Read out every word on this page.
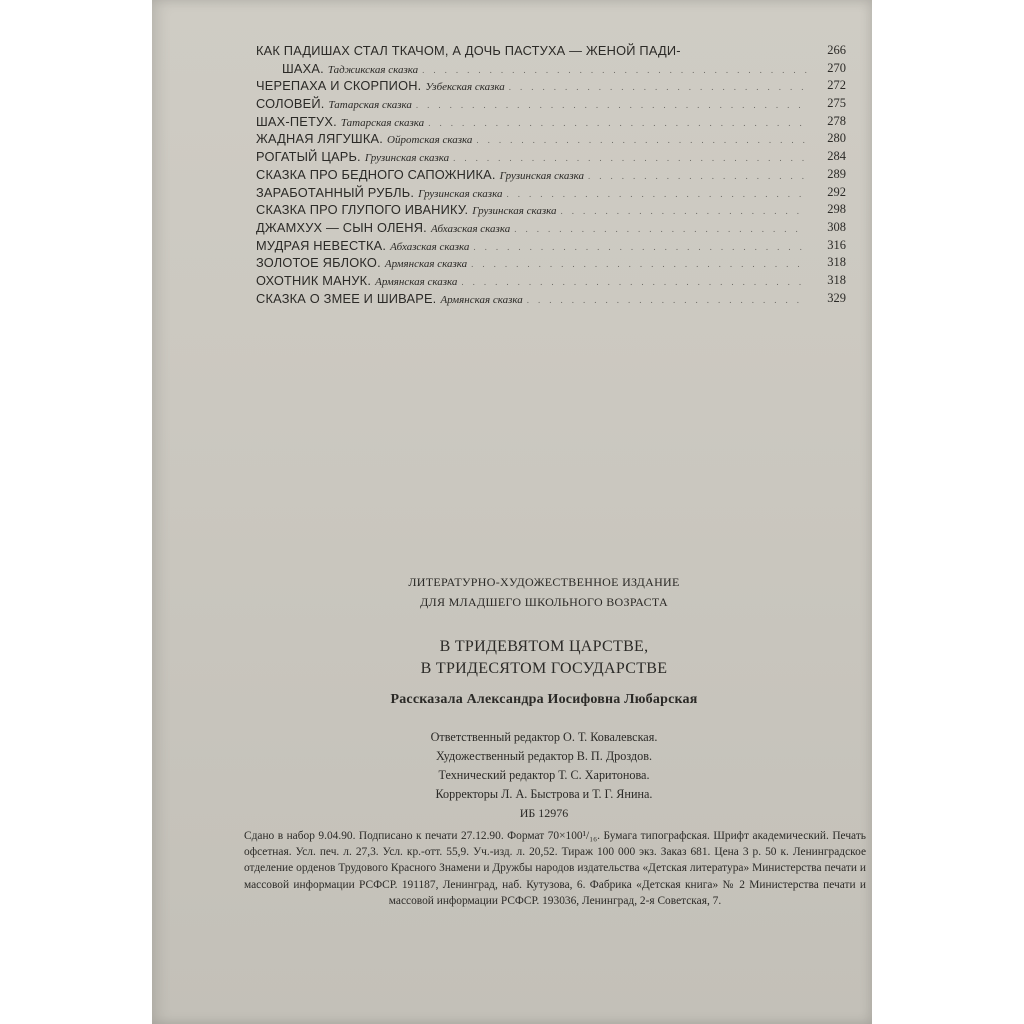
КАК ПАДИШАХ СТАЛ ТКАЧОМ, А ДОЧЬ ПАСТУХА — ЖЕНОЙ ПАДИ-	266
ШАХА. Таджикская сказка ................................... 270
ЧЕРЕПАХА И СКОРПИОН. Узбекская сказка ........................... 272
СОЛОВЕЙ. Татарская сказка ................................... 275
ШАХ-ПЕТУХ. Татарская сказка .................................. 278
ЖАДНАЯ ЛЯГУШКА. Ойротская сказка .............................. 280
РОГАТЫЙ ЦАРЬ. Грузинская сказка ................................ 284
СКАЗКА ПРО БЕДНОГО САПОЖНИКА. Грузинская сказка .................... 289
ЗАРАБОТАННЫЙ РУБЛЬ. Грузинская сказка ........................... 292
СКАЗКА ПРО ГЛУПОГО ИВАНИКУ. Грузинская сказка ...................... 298
ДЖАМХУХ — СЫН ОЛЕНЯ. Абхазская сказка .......................... 308
МУДРАЯ НЕВЕСТКА. Абхазская сказка .............................. 316
ЗОЛОТОЕ ЯБЛОКО. Армянская сказка .............................. 318
ОХОТНИК МАНУК. Армянская сказка ............................... 318
СКАЗКА О ЗМЕЕ И ШИВАРЕ. Армянская сказка ......................... 329
ЛИТЕРАТУРНО-ХУДОЖЕСТВЕННОЕ ИЗДАНИЕ
ДЛЯ МЛАДШЕГО ШКОЛЬНОГО ВОЗРАСТА
В ТРИДЕВЯТОМ ЦАРСТВЕ,
В ТРИДЕСЯТОМ ГОСУДАРСТВЕ
Рассказала Александра Иосифовна Любарская
Ответственный редактор О. Т. Ковалевская.
Художественный редактор В. П. Дроздов.
Технический редактор Т. С. Харитонова.
Корректоры Л. А. Быстрова и Т. Г. Янина.
ИБ 12976
Сдано в набор 9.04.90. Подписано к печати 27.12.90. Формат 70×100¹/₁₆. Бумага типографская. Шрифт академический. Печать офсетная. Усл. печ. л. 27,3. Усл. кр.-отт. 55,9. Уч.-изд. л. 20,52. Тираж 100 000 экз. Заказ 681. Цена 3 р. 50 к. Ленинградское отделение орденов Трудового Красного Знамени и Дружбы народов издательства «Детская литература» Министерства печати и массовой информации РСФСР. 191187, Ленинград, наб. Кутузова, 6. Фабрика «Детская книга» № 2 Министерства печати и массовой информации РСФСР. 193036, Ленинград, 2-я Советская, 7.
